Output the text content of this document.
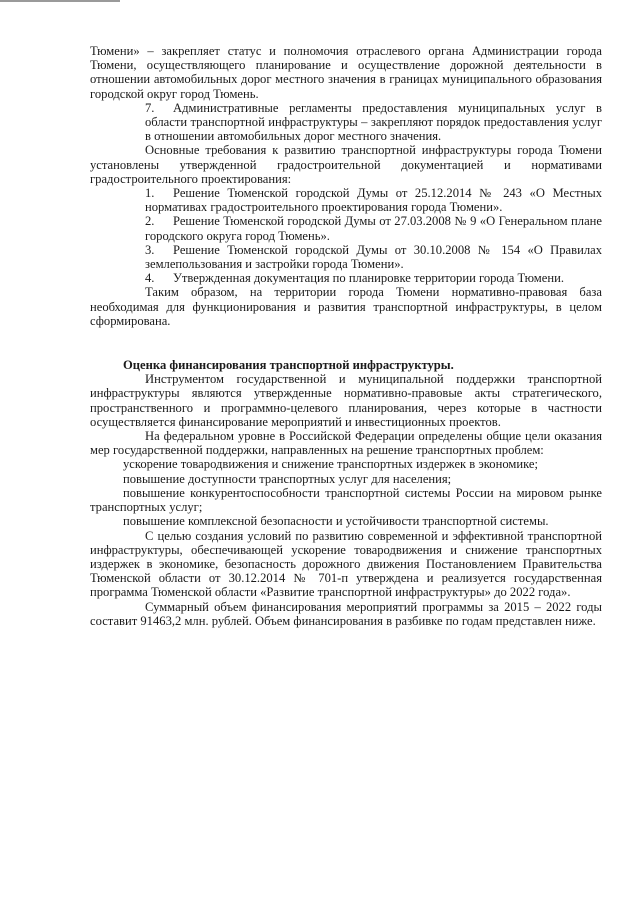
Тюмени» – закрепляет статус и полномочия отраслевого органа Администрации города Тюмени, осуществляющего планирование и осуществление дорожной деятельности в отношении автомобильных дорог местного значения в границах муниципального образования городской округ город Тюмень.

7. Административные регламенты предоставления муниципальных услуг в области транспортной инфраструктуры – закрепляют порядок предоставления услуг в отношении автомобильных дорог местного значения.

Основные требования к развитию транспортной инфраструктуры города Тюмени установлены утвержденной градостроительной документацией и нормативами градостроительного проектирования:

1. Решение Тюменской городской Думы от 25.12.2014 № 243 «О Местных нормативах градостроительного проектирования города Тюмени».

2. Решение Тюменской городской Думы от 27.03.2008 № 9 «О Генеральном плане городского округа город Тюмень».

3. Решение Тюменской городской Думы от 30.10.2008 № 154 «О Правилах землепользования и застройки города Тюмени».

4. Утвержденная документация по планировке территории города Тюмени.

Таким образом, на территории города Тюмени нормативно-правовая база необходимая для функционирования и развития транспортной инфраструктуры, в целом сформирована.

Оценка финансирования транспортной инфраструктуры.

Инструментом государственной и муниципальной поддержки транспортной инфраструктуры являются утвержденные нормативно-правовые акты стратегического, пространственного и программно-целевого планирования, через которые в частности осуществляется финансирование мероприятий и инвестиционных проектов.

На федеральном уровне в Российской Федерации определены общие цели оказания мер государственной поддержки, направленных на решение транспортных проблем:

ускорение товародвижения и снижение транспортных издержек в экономике;

повышение доступности транспортных услуг для населения;

повышение конкурентоспособности транспортной системы России на мировом рынке транспортных услуг;

повышение комплексной безопасности и устойчивости транспортной системы.

С целью создания условий по развитию современной и эффективной транспортной инфраструктуры, обеспечивающей ускорение товародвижения и снижение транспортных издержек в экономике, безопасность дорожного движения Постановлением Правительства Тюменской области от 30.12.2014 № 701-п утверждена и реализуется государственная программа Тюменской области «Развитие транспортной инфраструктуры» до 2022 года».

Суммарный объем финансирования мероприятий программы за 2015 – 2022 годы составит 91463,2 млн. рублей. Объем финансирования в разбивке по годам представлен ниже.
